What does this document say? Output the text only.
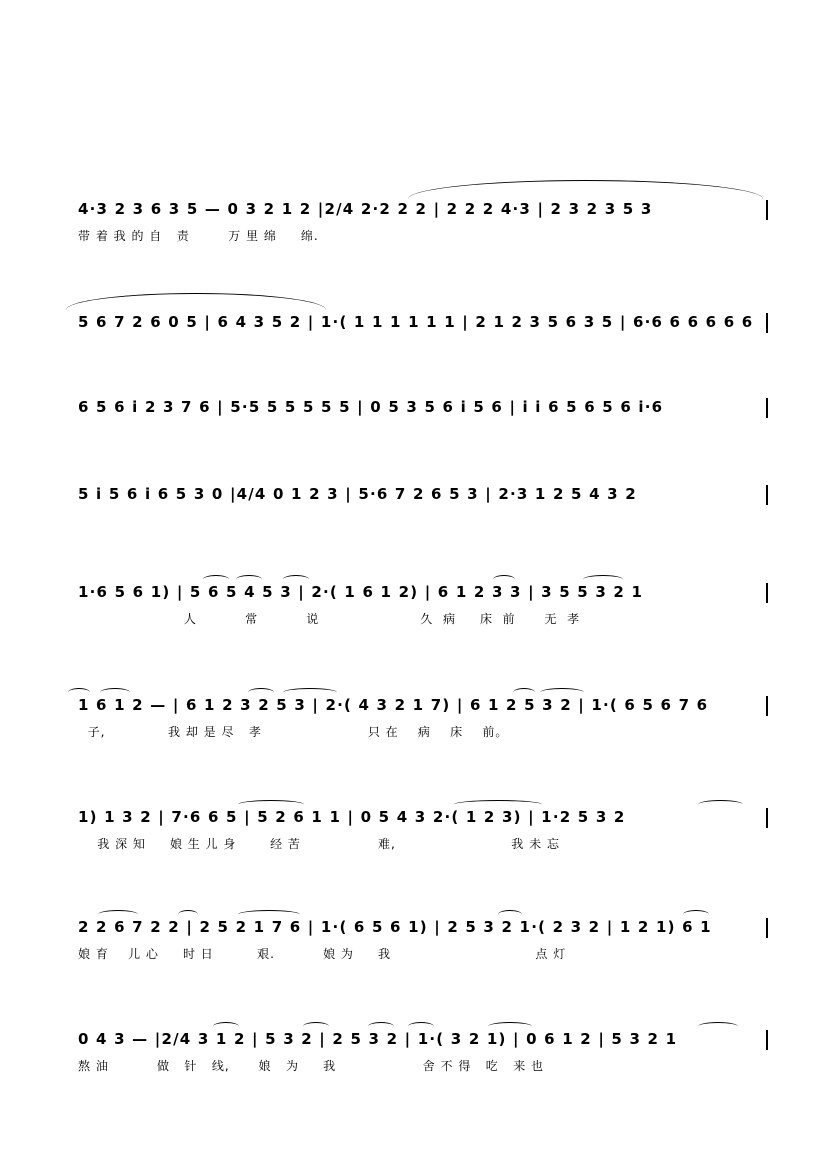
4·3 2 3 6 3 5 — 0 3 2 1 2 |2/4 2·2 2 2 | 2 2 2 4·3 | 2 3 2 3 5 3
带 着 我 的 自   责        万 里 绵     绵.
5 6 7 2 6 0 5 | 6 4 3 5 2 | 1·( 1 1 1 1 1 1 | 2 1 2 3 5 6 3 5 | 6·6 6 6 6 6 6
6 5 6 i 2 3 7 6 | 5·5 5 5 5 5 5 | 0 5 3 5 6 i 5 6 | i i 6 5 6 5 6 i·6
5 i 5 6 i 6 5 3 0 |4/4 0 1 2 3 | 5·6 7 2 6 5 3 | 2·3 1 2 5 4 3 2
1·6 5 6 1) | 5 6 5 4 5 3 | 2·( 1 6 1 2) | 6 1 2 3 3 | 3 5 5 3 2 1
人          常          说                     久  病     床  前      无  孝
1 6 1 2 — | 6 1 2 3 2 5 3 | 2·( 4 3 2 1 7) | 6 1 2 5 3 2 | 1·( 6 5 6 7 6
子,             我 却 是 尽   孝                      只 在    病    床    前。
1) 1 3 2 | 7·6 6 5 | 5 2 6 1 1 | 0 5 4 3 2·( 1 2 3) | 1·2 5 3 2
我 深 知     娘 生 儿 身       经 苦                难,                        我 未 忘
2 2 6 7 2 2 | 2 5 2 1 7 6 | 1·( 6 5 6 1) | 2 5 3 2 1·( 2 3 2 | 1 2 1) 6 1
娘 育    儿 心     时 日         艰.          娘 为     我                              点 灯
0 4 3 — |2/4 3 1 2 | 5 3 2 | 2 5 3 2 | 1·( 3 2 1) | 0 6 1 2 | 5 3 2 1
熬 油          做   针   线,      娘   为     我                  舍 不 得   吃   来 也
